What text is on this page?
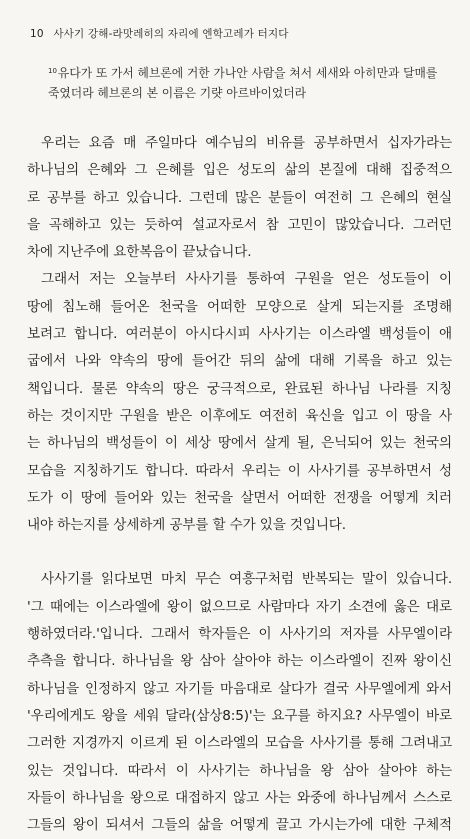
10 사사기 강해-라맛레히의 자리에 엔학고레가 터지다
$^{10}$유다가 또 가서 헤브론에 거한 가나안 사람을 쳐서 세새와 아히만과 달매를
죽였더라 헤브론의 본 이름은 기럇 아르바이었더라
우리는 요즘 매 주일마다 예수님의 비유를 공부하면서 십자가라는
하나님의 은혜와 그 은혜를 입은 성도의 삶의 본질에 대해 집중적으
로 공부를 하고 있습니다. 그런데 많은 분들이 여전히 그 은혜의 현실
을 곡해하고 있는 듯하여 설교자로서 참 고민이 많았습니다. 그러던
차에 지난주에 요한복음이 끝났습니다.
그래서 저는 오늘부터 사사기를 통하여 구원을 얻은 성도들이 이
땅에 침노해 들어온 천국을 어떠한 모양으로 살게 되는지를 조명해
보려고 합니다. 여러분이 아시다시피 사사기는 이스라엘 백성들이 애
굽에서 나와 약속의 땅에 들어간 뒤의 삶에 대해 기록을 하고 있는
책입니다. 물론 약속의 땅은 궁극적으로, 완료된 하나님 나라를 지칭
하는 것이지만 구원을 받은 이후에도 여전히 육신을 입고 이 땅을 사
는 하나님의 백성들이 이 세상 땅에서 살게 될, 은닉되어 있는 천국의
모습을 지칭하기도 합니다. 따라서 우리는 이 사사기를 공부하면서 성
도가 이 땅에 들어와 있는 천국을 살면서 어떠한 전쟁을 어떻게 치러
내야 하는지를 상세하게 공부를 할 수가 있을 것입니다.
사사기를 읽다보면 마치 무슨 여흥구처럼 반복되는 말이 있습니다.
'그 때에는 이스라엘에 왕이 없으므로 사람마다 자기 소견에 옳은 대로
행하였더라.'입니다. 그래서 학자들은 이 사사기의 저자를 사무엘이라
추측을 합니다. 하나님을 왕 삼아 살아야 하는 이스라엘이 진짜 왕이신
하나님을 인정하지 않고 자기들 마음대로 살다가 결국 사무엘에게 와서
'우리에게도 왕을 세워 달라(삼상8:5)'는 요구를 하지요? 사무엘이 바로
그러한 지경까지 이르게 된 이스라엘의 모습을 사사기를 통해 그려내고
있는 것입니다. 따라서 이 사사기는 하나님을 왕 삼아 살아야 하는
자들이 하나님을 왕으로 대접하지 않고 사는 와중에 하나님께서 스스로
그들의 왕이 되셔서 그들의 삶을 어떻게 끌고 가시는가에 대한 구체적
